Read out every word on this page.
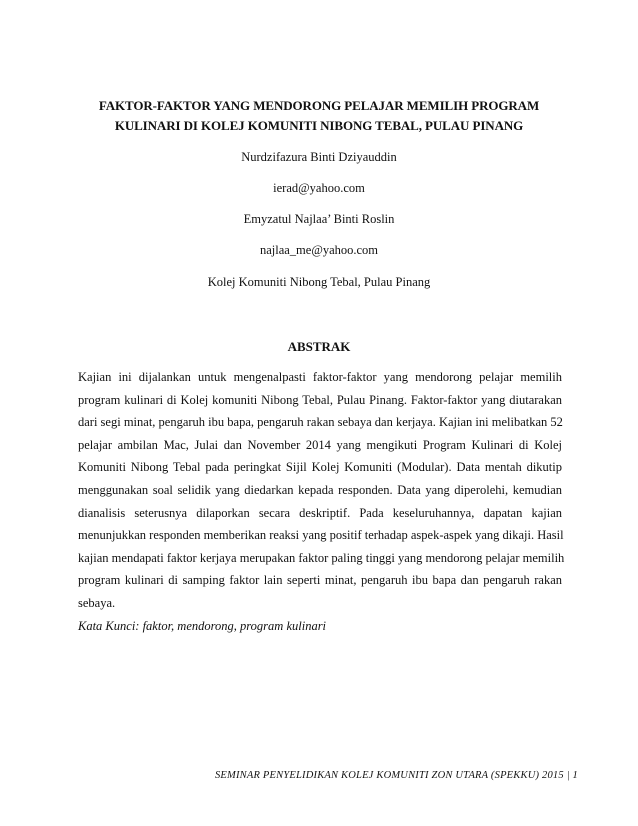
FAKTOR-FAKTOR YANG MENDORONG PELAJAR MEMILIH PROGRAM
KULINARI DI KOLEJ KOMUNITI NIBONG TEBAL, PULAU PINANG
Nurdzifazura Binti Dziyauddin
ierad@yahoo.com
Emyzatul Najlaa’ Binti Roslin
najlaa_me@yahoo.com
Kolej Komuniti Nibong Tebal, Pulau Pinang
ABSTRAK
Kajian ini dijalankan untuk mengenalpasti faktor-faktor yang mendorong pelajar memilih
program kulinari di Kolej komuniti Nibong Tebal, Pulau Pinang. Faktor-faktor yang diutarakan
dari segi minat, pengaruh ibu bapa, pengaruh rakan sebaya dan kerjaya. Kajian ini melibatkan 52
pelajar ambilan Mac, Julai dan November 2014 yang mengikuti Program Kulinari di Kolej
Komuniti Nibong Tebal pada peringkat Sijil Kolej Komuniti (Modular). Data mentah dikutip
menggunakan soal selidik yang diedarkan kepada responden. Data yang diperolehi, kemudian
dianalisis seterusnya dilaporkan secara deskriptif. Pada keseluruhannya, dapatan kajian
menunjukkan responden memberikan reaksi yang positif terhadap aspek-aspek yang dikaji. Hasil
kajian mendapati faktor kerjaya merupakan faktor paling tinggi yang mendorong pelajar memilih
program kulinari di samping faktor lain seperti minat, pengaruh ibu bapa dan pengaruh rakan
sebaya.
Kata Kunci: faktor, mendorong, program kulinari
SEMINAR PENYELIDIKAN KOLEJ KOMUNITI ZON UTARA (SPEKKU) 2015 | 1
